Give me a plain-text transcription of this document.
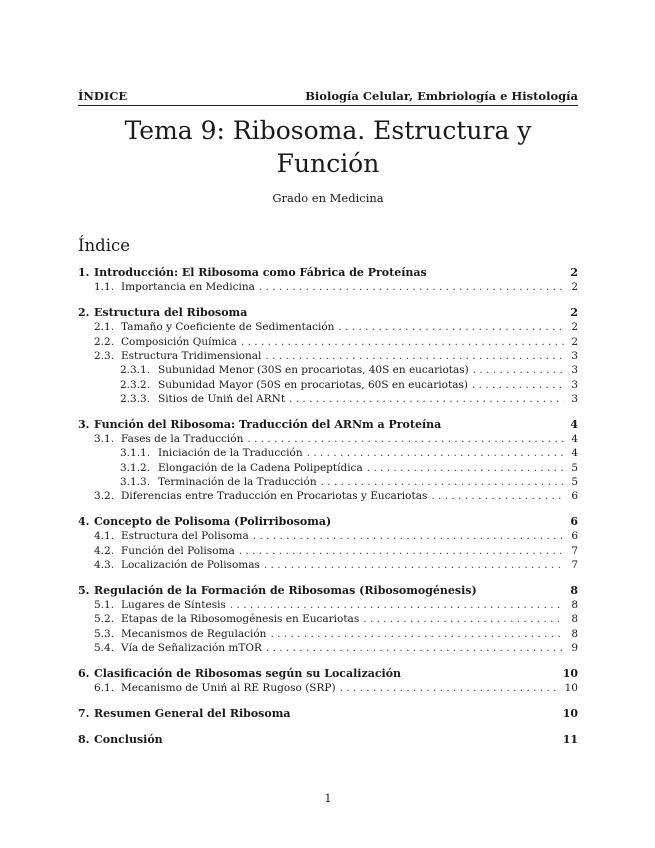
ÍNDICE	Biología Celular, Embriología e Histología
Tema 9: Ribosoma. Estructura y Función
Grado en Medicina
Índice
1. Introducción: El Ribosoma como Fábrica de Proteínas	2
1.1. Importancia en Medicina . . .	2
2. Estructura del Ribosoma	2
2.1. Tamaño y Coeficiente de Sedimentación . . .	2
2.2. Composición Química . . .	2
2.3. Estructura Tridimensional . . .	3
2.3.1. Subunidad Menor (30S en procariotas, 40S en eucariotas) . . .	3
2.3.2. Subunidad Mayor (50S en procariotas, 60S en eucariotas) . . .	3
2.3.3. Sitios de Uniń del ARNt . . .	3
3. Función del Ribosoma: Traducción del ARNm a Proteína	4
3.1. Fases de la Traducción . . .	4
3.1.1. Iniciación de la Traducción . . .	4
3.1.2. Elongación de la Cadena Polipeptídica . . .	5
3.1.3. Terminación de la Traducción . . .	5
3.2. Diferencias entre Traducción en Procariotas y Eucariotas . . .	6
4. Concepto de Polisoma (Polirribosoma)	6
4.1. Estructura del Polisoma . . .	6
4.2. Función del Polisoma . . .	7
4.3. Localización de Polisomas . . .	7
5. Regulación de la Formación de Ribosomas (Ribosomogénesis)	8
5.1. Lugares de Síntesis . . .	8
5.2. Etapas de la Ribosomogénesis en Eucariotas . . .	8
5.3. Mecanismos de Regulación . . .	8
5.4. Vía de Señalización mTOR . . .	9
6. Clasificación de Ribosomas según su Localización	10
6.1. Mecanismo de Uniń al RE Rugoso (SRP) . . .	10
7. Resumen General del Ribosoma	10
8. Conclusión	11
1
